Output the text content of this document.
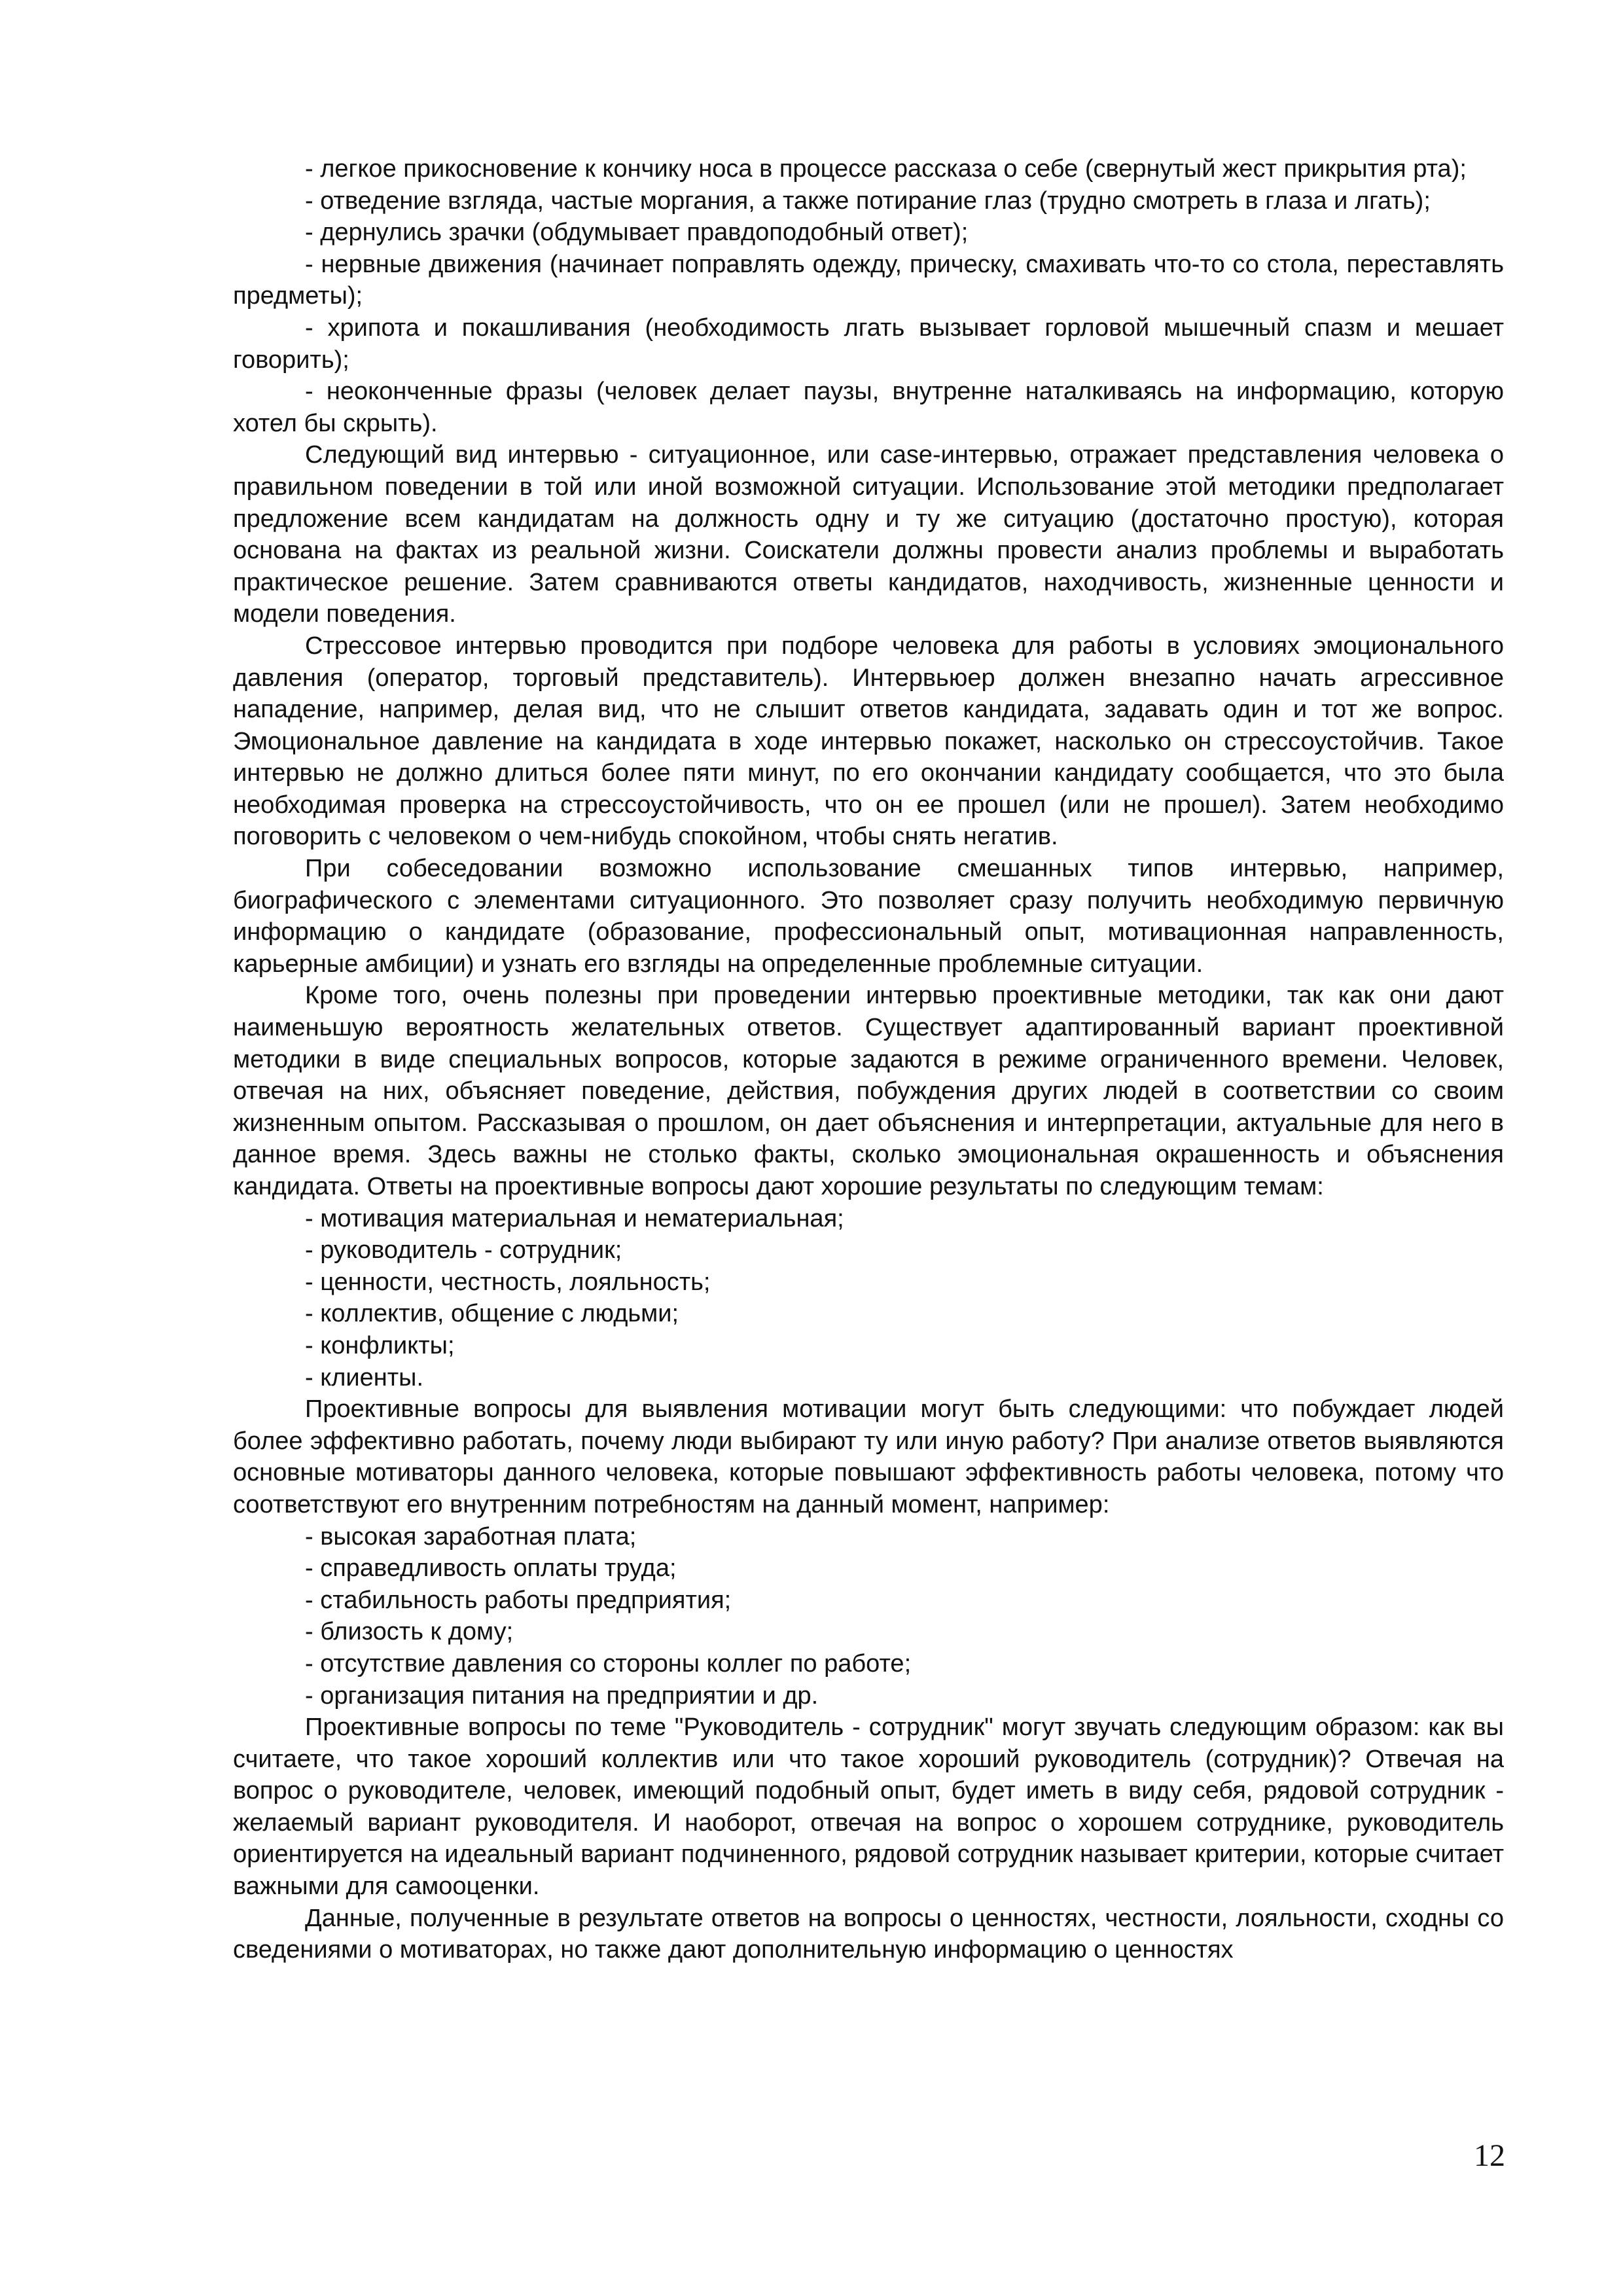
- легкое прикосновение к кончику носа в процессе рассказа о себе (свернутый жест прикрытия рта);

- отведение взгляда, частые моргания, а также потирание глаз (трудно смотреть в глаза и лгать);

- дернулись зрачки (обдумывает правдоподобный ответ);

- нервные движения (начинает поправлять одежду, прическу, смахивать что-то со стола, переставлять предметы);

- хрипота и покашливания (необходимость лгать вызывает горловой мышечный спазм и мешает говорить);

- неоконченные фразы (человек делает паузы, внутренне наталкиваясь на информацию, которую хотел бы скрыть).

Следующий вид интервью - ситуационное, или case-интервью, отражает представления человека о правильном поведении в той или иной возможной ситуации. Использование этой методики предполагает предложение всем кандидатам на должность одну и ту же ситуацию (достаточно простую), которая основана на фактах из реальной жизни. Соискатели должны провести анализ проблемы и выработать практическое решение. Затем сравниваются ответы кандидатов, находчивость, жизненные ценности и модели поведения.

Стрессовое интервью проводится при подборе человека для работы в условиях эмоционального давления (оператор, торговый представитель). Интервьюер должен внезапно начать агрессивное нападение, например, делая вид, что не слышит ответов кандидата, задавать один и тот же вопрос. Эмоциональное давление на кандидата в ходе интервью покажет, насколько он стрессоустойчив. Такое интервью не должно длиться более пяти минут, по его окончании кандидату сообщается, что это была необходимая проверка на стрессоустойчивость, что он ее прошел (или не прошел). Затем необходимо поговорить с человеком о чем-нибудь спокойном, чтобы снять негатив.

При собеседовании возможно использование смешанных типов интервью, например, биографического с элементами ситуационного. Это позволяет сразу получить необходимую первичную информацию о кандидате (образование, профессиональный опыт, мотивационная направленность, карьерные амбиции) и узнать его взгляды на определенные проблемные ситуации.

Кроме того, очень полезны при проведении интервью проективные методики, так как они дают наименьшую вероятность желательных ответов. Существует адаптированный вариант проективной методики в виде специальных вопросов, которые задаются в режиме ограниченного времени. Человек, отвечая на них, объясняет поведение, действия, побуждения других людей в соответствии со своим жизненным опытом. Рассказывая о прошлом, он дает объяснения и интерпретации, актуальные для него в данное время. Здесь важны не столько факты, сколько эмоциональная окрашенность и объяснения кандидата. Ответы на проективные вопросы дают хорошие результаты по следующим темам:

- мотивация материальная и нематериальная;

- руководитель - сотрудник;

- ценности, честность, лояльность;

- коллектив, общение с людьми;

- конфликты;

- клиенты.

Проективные вопросы для выявления мотивации могут быть следующими: что побуждает людей более эффективно работать, почему люди выбирают ту или иную работу? При анализе ответов выявляются основные мотиваторы данного человека, которые повышают эффективность работы человека, потому что соответствуют его внутренним потребностям на данный момент, например:

- высокая заработная плата;

- справедливость оплаты труда;

- стабильность работы предприятия;

- близость к дому;

- отсутствие давления со стороны коллег по работе;

- организация питания на предприятии и др.

Проективные вопросы по теме "Руководитель - сотрудник" могут звучать следующим образом: как вы считаете, что такое хороший коллектив или что такое хороший руководитель (сотрудник)? Отвечая на вопрос о руководителе, человек, имеющий подобный опыт, будет иметь в виду себя, рядовой сотрудник - желаемый вариант руководителя. И наоборот, отвечая на вопрос о хорошем сотруднике, руководитель ориентируется на идеальный вариант подчиненного, рядовой сотрудник называет критерии, которые считает важными для самооценки.

Данные, полученные в результате ответов на вопросы о ценностях, честности, лояльности, сходны со сведениями о мотиваторах, но также дают дополнительную информацию о ценностях

12
